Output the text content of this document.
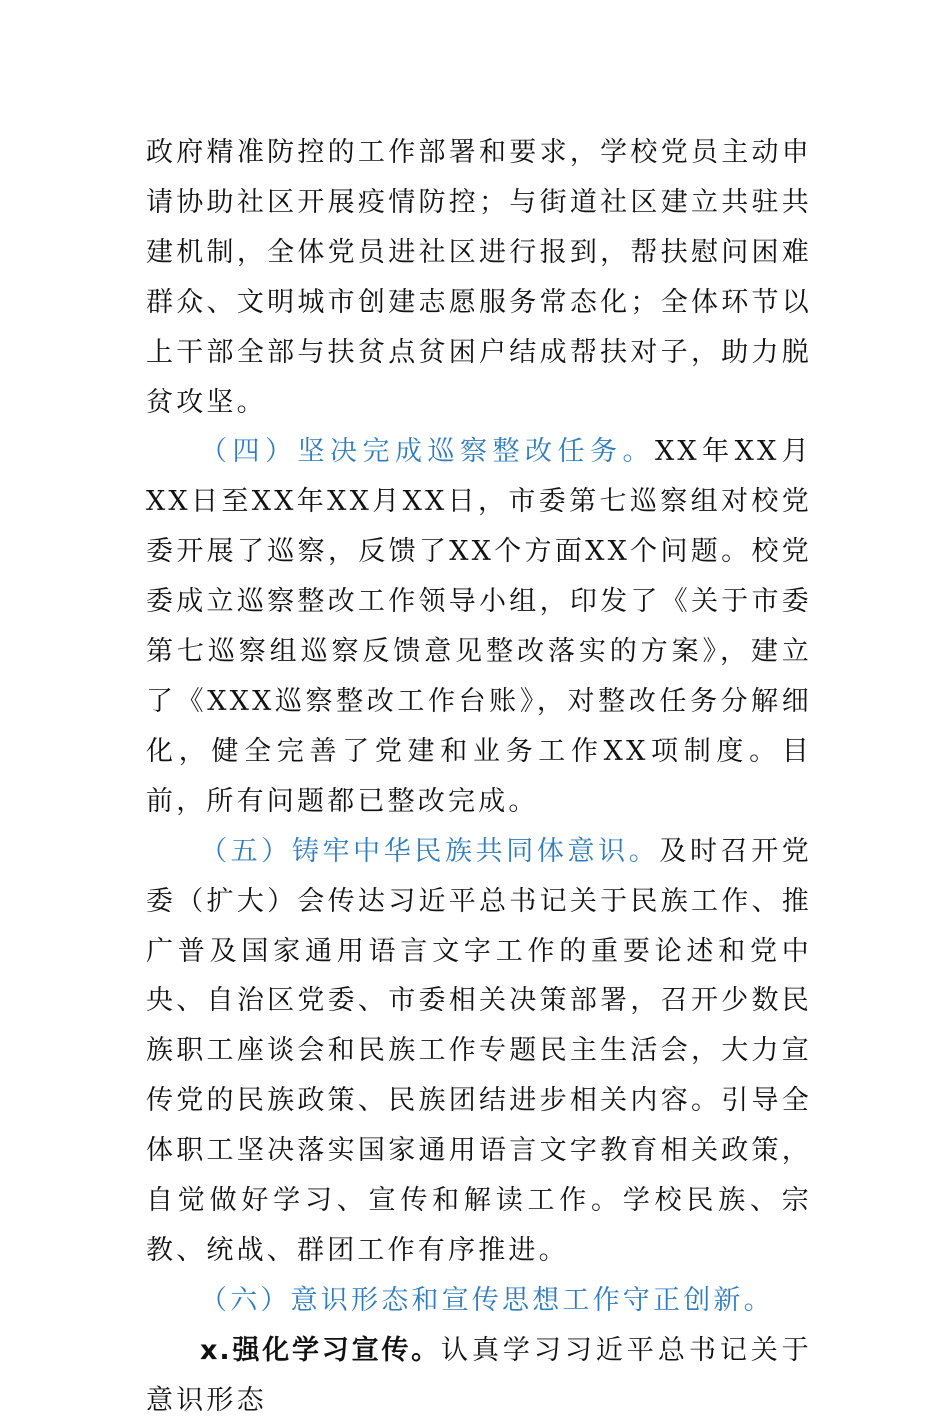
政府精准防控的工作部署和要求，学校党员主动申请协助社区开展疫情防控；与街道社区建立共驻共建机制，全体党员进社区进行报到，帮扶慰问困难群众、文明城市创建志愿服务常态化；全体环节以上干部全部与扶贫点贫困户结成帮扶对子，助力脱贫攻坚。

（四）坚决完成巡察整改任务。XX年XX月XX日至XX年XX月XX日，市委第七巡察组对校党委开展了巡察，反馈了XX个方面XX个问题。校党委成立巡察整改工作领导小组，印发了《关于市委第七巡察组巡察反馈意见整改落实的方案》，建立了《XXX巡察整改工作台账》，对整改任务分解细化，健全完善了党建和业务工作XX项制度。目前，所有问题都已整改完成。

（五）铸牢中华民族共同体意识。及时召开党委（扩大）会传达习近平总书记关于民族工作、推广普及国家通用语言文字工作的重要论述和党中央、自治区党委、市委相关决策部署，召开少数民族职工座谈会和民族工作专题民主生活会，大力宣传党的民族政策、民族团结进步相关内容。引导全体职工坚决落实国家通用语言文字教育相关政策，自觉做好学习、宣传和解读工作。学校民族、宗教、统战、群团工作有序推进。

（六）意识形态和宣传思想工作守正创新。

x.强化学习宣传。认真学习习近平总书记关于意识形态
